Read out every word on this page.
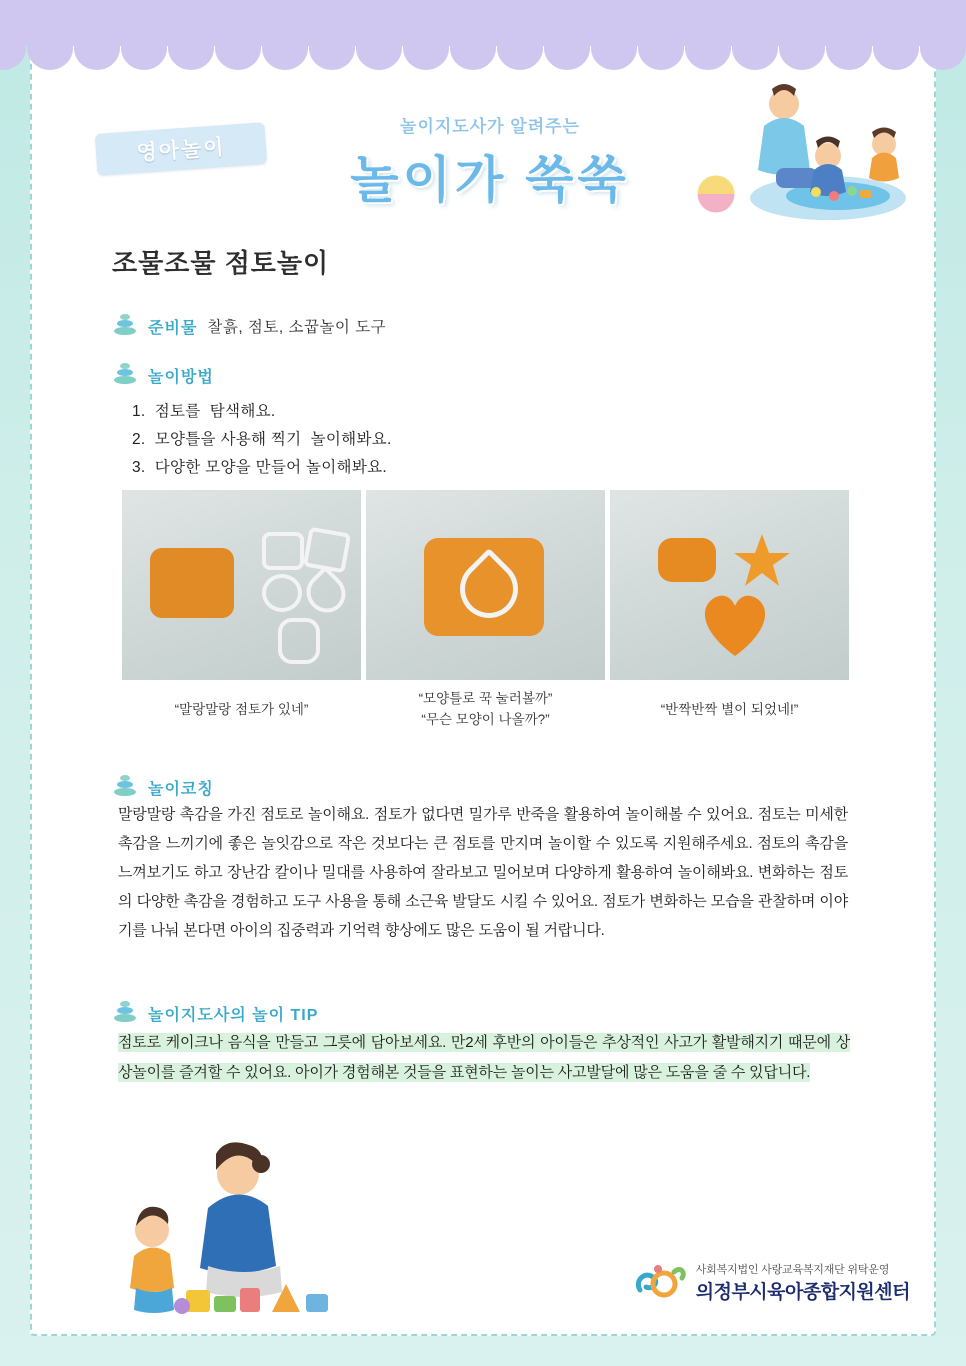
영아놀이
놀이지도사가 알려주는
놀이가 쑥쑥
조물조물 점토놀이
준비물 찰흙, 점토, 소꿉놀이 도구
놀이방법
1.  점토를  탐색해요.
2.  모양틀을 사용해 찍기  놀이해봐요.
3.  다양한 모양을 만들어 놀이해봐요.
“말랑말랑 점토가 있네”
“모양틀로 꾹 눌러볼까”
“무슨 모양이 나올까?”
“반짝반짝 별이 되었네!”
놀이코칭
말랑말랑 촉감을 가진 점토로 놀이해요. 점토가 없다면 밀가루 반죽을 활용하여 놀이해볼 수 있어요. 점토는 미세한 촉감을 느끼기에 좋은 놀잇감으로 작은 것보다는 큰 점토를 만지며 놀이할 수 있도록 지원해주세요. 점토의 촉감을 느껴보기도 하고 장난감 칼이나 밀대를 사용하여 잘라보고 밀어보며 다양하게 활용하여 놀이해봐요. 변화하는 점토의 다양한 촉감을 경험하고 도구 사용을 통해 소근육 발달도 시킬 수 있어요. 점토가 변화하는 모습을 관찰하며 이야기를 나눠 본다면 아이의 집중력과 기억력 향상에도 많은 도움이 될 거랍니다.
놀이지도사의 놀이 TIP
점토로 케이크나 음식을 만들고 그릇에 담아보세요. 만2세 후반의 아이들은 추상적인 사고가 활발해지기 때문에 상상놀이를 즐겨할 수 있어요. 아이가 경험해본 것들을 표현하는 놀이는 사고발달에 많은 도움을 줄 수 있답니다.
사회복지법인 사랑교육복지재단 위탁운영
의정부시육아종합지원센터
